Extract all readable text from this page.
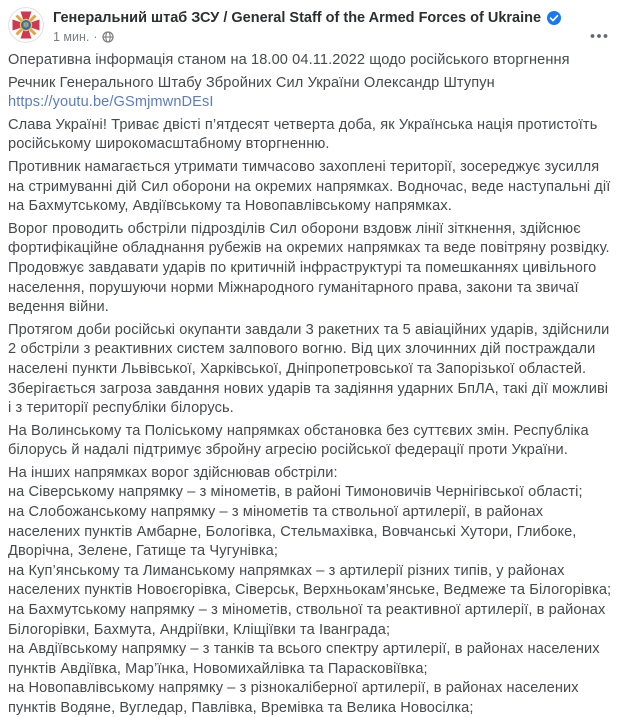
Генеральний штаб ЗСУ / General Staff of the Armed Forces of Ukraine
1 мин. ·

Оперативна інформація станом на 18.00 04.11.2022 щодо російського вторгнення

Речник Генерального Штабу Збройних Сил України Олександр Штупун
https://youtu.be/GSmjmwnDEsI

Слава Україні! Триває двісті п’ятдесят четверта доба, як Українська нація протистоїть російському широкомасштабному вторгненню.

Противник намагається утримати тимчасово захоплені території, зосереджує зусилля на стримуванні дій Сил оборони на окремих напрямках. Водночас, веде наступальні дії на Бахмутському, Авдіївському та Новопавлівському напрямках.

Ворог проводить обстріли підрозділів Сил оборони вздовж лінії зіткнення, здійснює фортифікаційне обладнання рубежів на окремих напрямках та веде повітряну розвідку. Продовжує завдавати ударів по критичній інфраструктурі та помешканнях цивільного населення, порушуючи норми Міжнародного гуманітарного права, закони та звичаї ведення війни.

Протягом доби російські окупанти завдали 3 ракетних та 5 авіаційних ударів, здійснили 2 обстріли з реактивних систем залпового вогню. Від цих злочинних дій постраждали населені пункти Львівської, Харківської, Дніпропетровської та Запорізької областей. Зберігається загроза завдання нових ударів та задіяння ударних БпЛА, такі дії можливі і з території республіки білорусь.

На Волинському та Поліському напрямках обстановка без суттєвих змін. Республіка білорусь й надалі підтримує збройну агресію російської федерації проти України.

На інших напрямках ворог здійснював обстріли:
на Сіверському напрямку – з мінометів, в районі Тимоновичів Чернігівської області;
на Слобожанському напрямку – з мінометів та ствольної артилерії, в районах населених пунктів Амбарне, Бологівка, Стельмахівка, Вовчанські Хутори, Глибоке, Дворічна, Зелене, Гатище та Чугунівка;
на Куп’янському та Лиманському напрямках – з артилерії різних типів, у районах населених пунктів Новоєгорівка, Сіверськ, Верхньокам’янське, Ведмеже та Білогорівка;
на Бахмутському напрямку – з мінометів, ствольної та реактивної артилерії, в районах Білогорівки, Бахмута, Андріївки, Кліщіївки та Іванграда;
на Авдіївському напрямку – з танків та всього спектру артилерії, в районах населених пунктів Авдіївка, Мар’їнка, Новомихайлівка та Парасковіївка;
на Новопавлівському напрямку – з різнокаліберної артилерії, в районах населених пунктів Водяне, Вугледар, Павлівка, Времівка та Велика Новосілка;
